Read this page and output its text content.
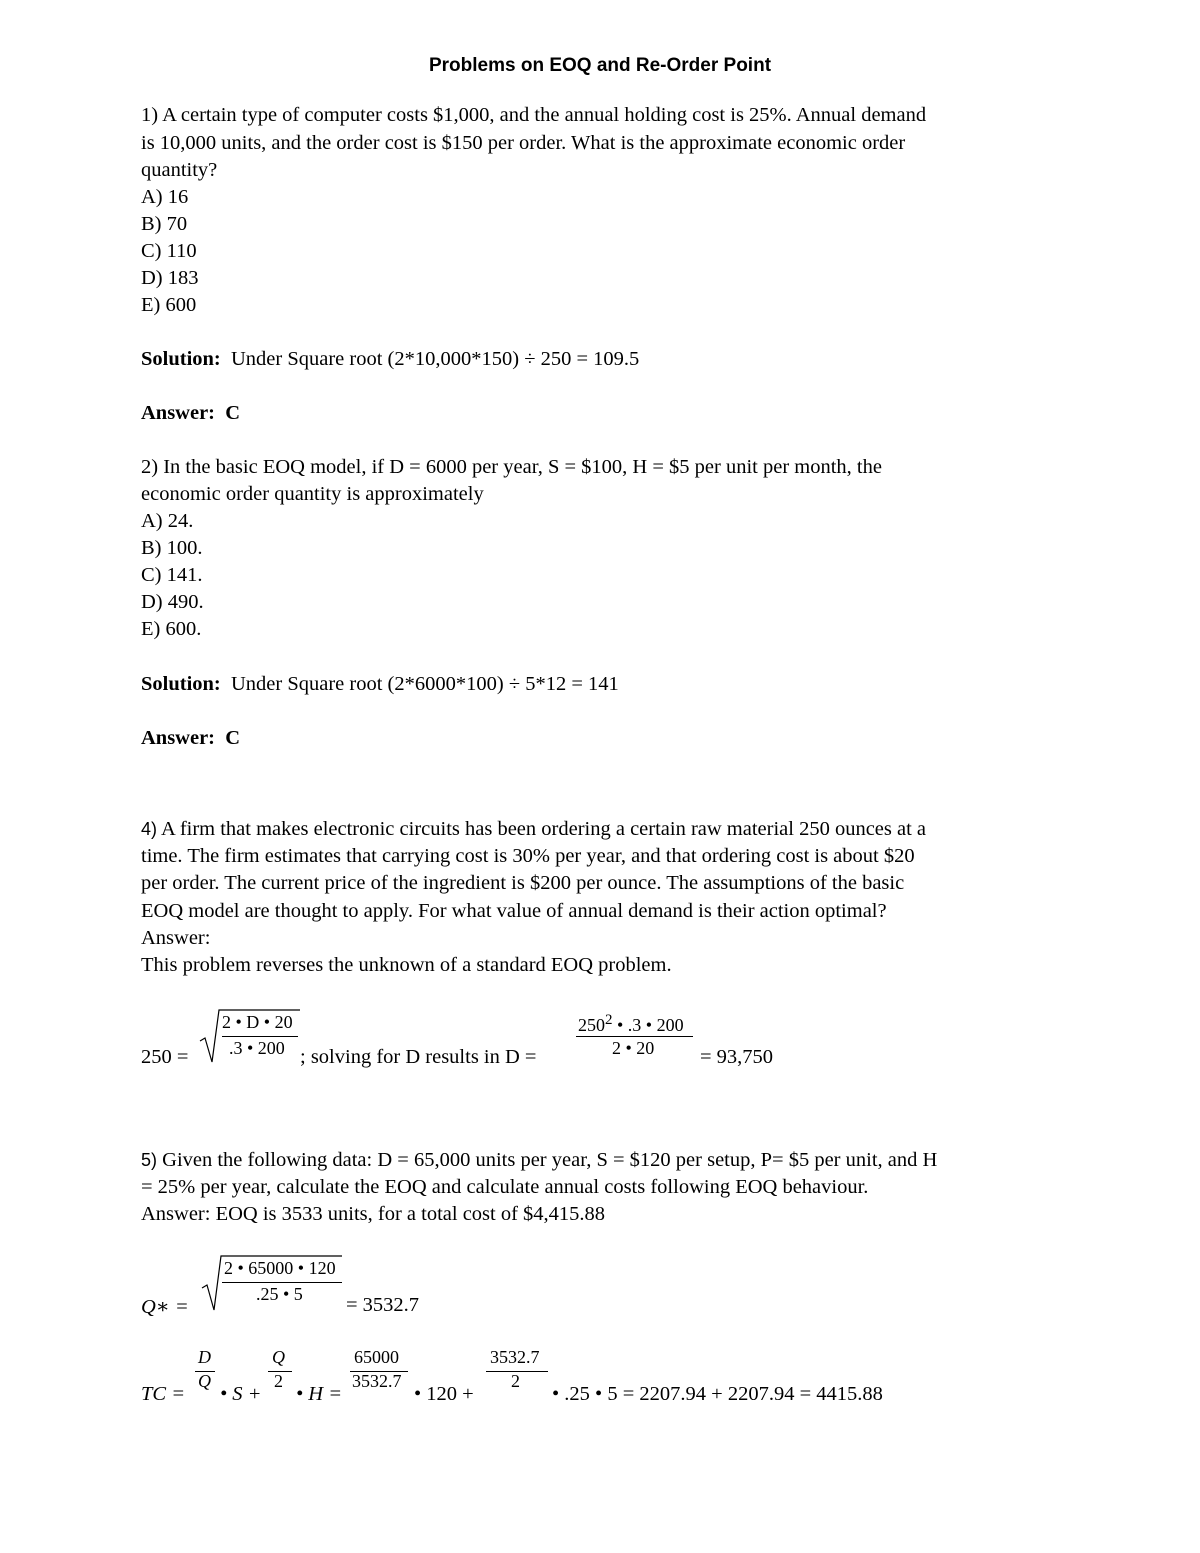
Problems on EOQ and Re-Order Point
1) A certain type of computer costs $1,000, and the annual holding cost is 25%. Annual demand
is 10,000 units, and the order cost is $150 per order. What is the approximate economic order
quantity?
A) 16
B) 70
C) 110
D) 183
E) 600
Solution: Under Square root (2*10,000*150) ÷ 250 = 109.5
Answer: C
2) In the basic EOQ model, if D = 6000 per year, S = $100, H = $5 per unit per month, the
economic order quantity is approximately
A) 24.
B) 100.
C) 141.
D) 490.
E) 600.
Solution: Under Square root (2*6000*100) ÷ 5*12 = 141
Answer: C
4) A firm that makes electronic circuits has been ordering a certain raw material 250 ounces at a
time. The firm estimates that carrying cost is 30% per year, and that ordering cost is about $20
per order. The current price of the ingredient is $200 per ounce. The assumptions of the basic
EOQ model are thought to apply. For what value of annual demand is their action optimal?
Answer:
This problem reverses the unknown of a standard EOQ problem.
250 =
2 • D • 20
.3 • 200 ; solving for D results in D =
$250^2$ • .3 • 200
2 • 20 = 93,750
5) Given the following data: D = 65,000 units per year, S = $120 per setup, P= $5 per unit, and H
= 25% per year, calculate the EOQ and calculate annual costs following EOQ behaviour.
Answer: EOQ is 3533 units, for a total cost of $4,415.88
Q∗ =
2 • 65000 • 120
.25 • 5 = 3532.7
TC =
D
Q
• S +
Q
2
• H =
65000
3532.7
• 120 +
3532.7
2
• .25 • 5 = 2207.94 + 2207.94 = 4415.88
